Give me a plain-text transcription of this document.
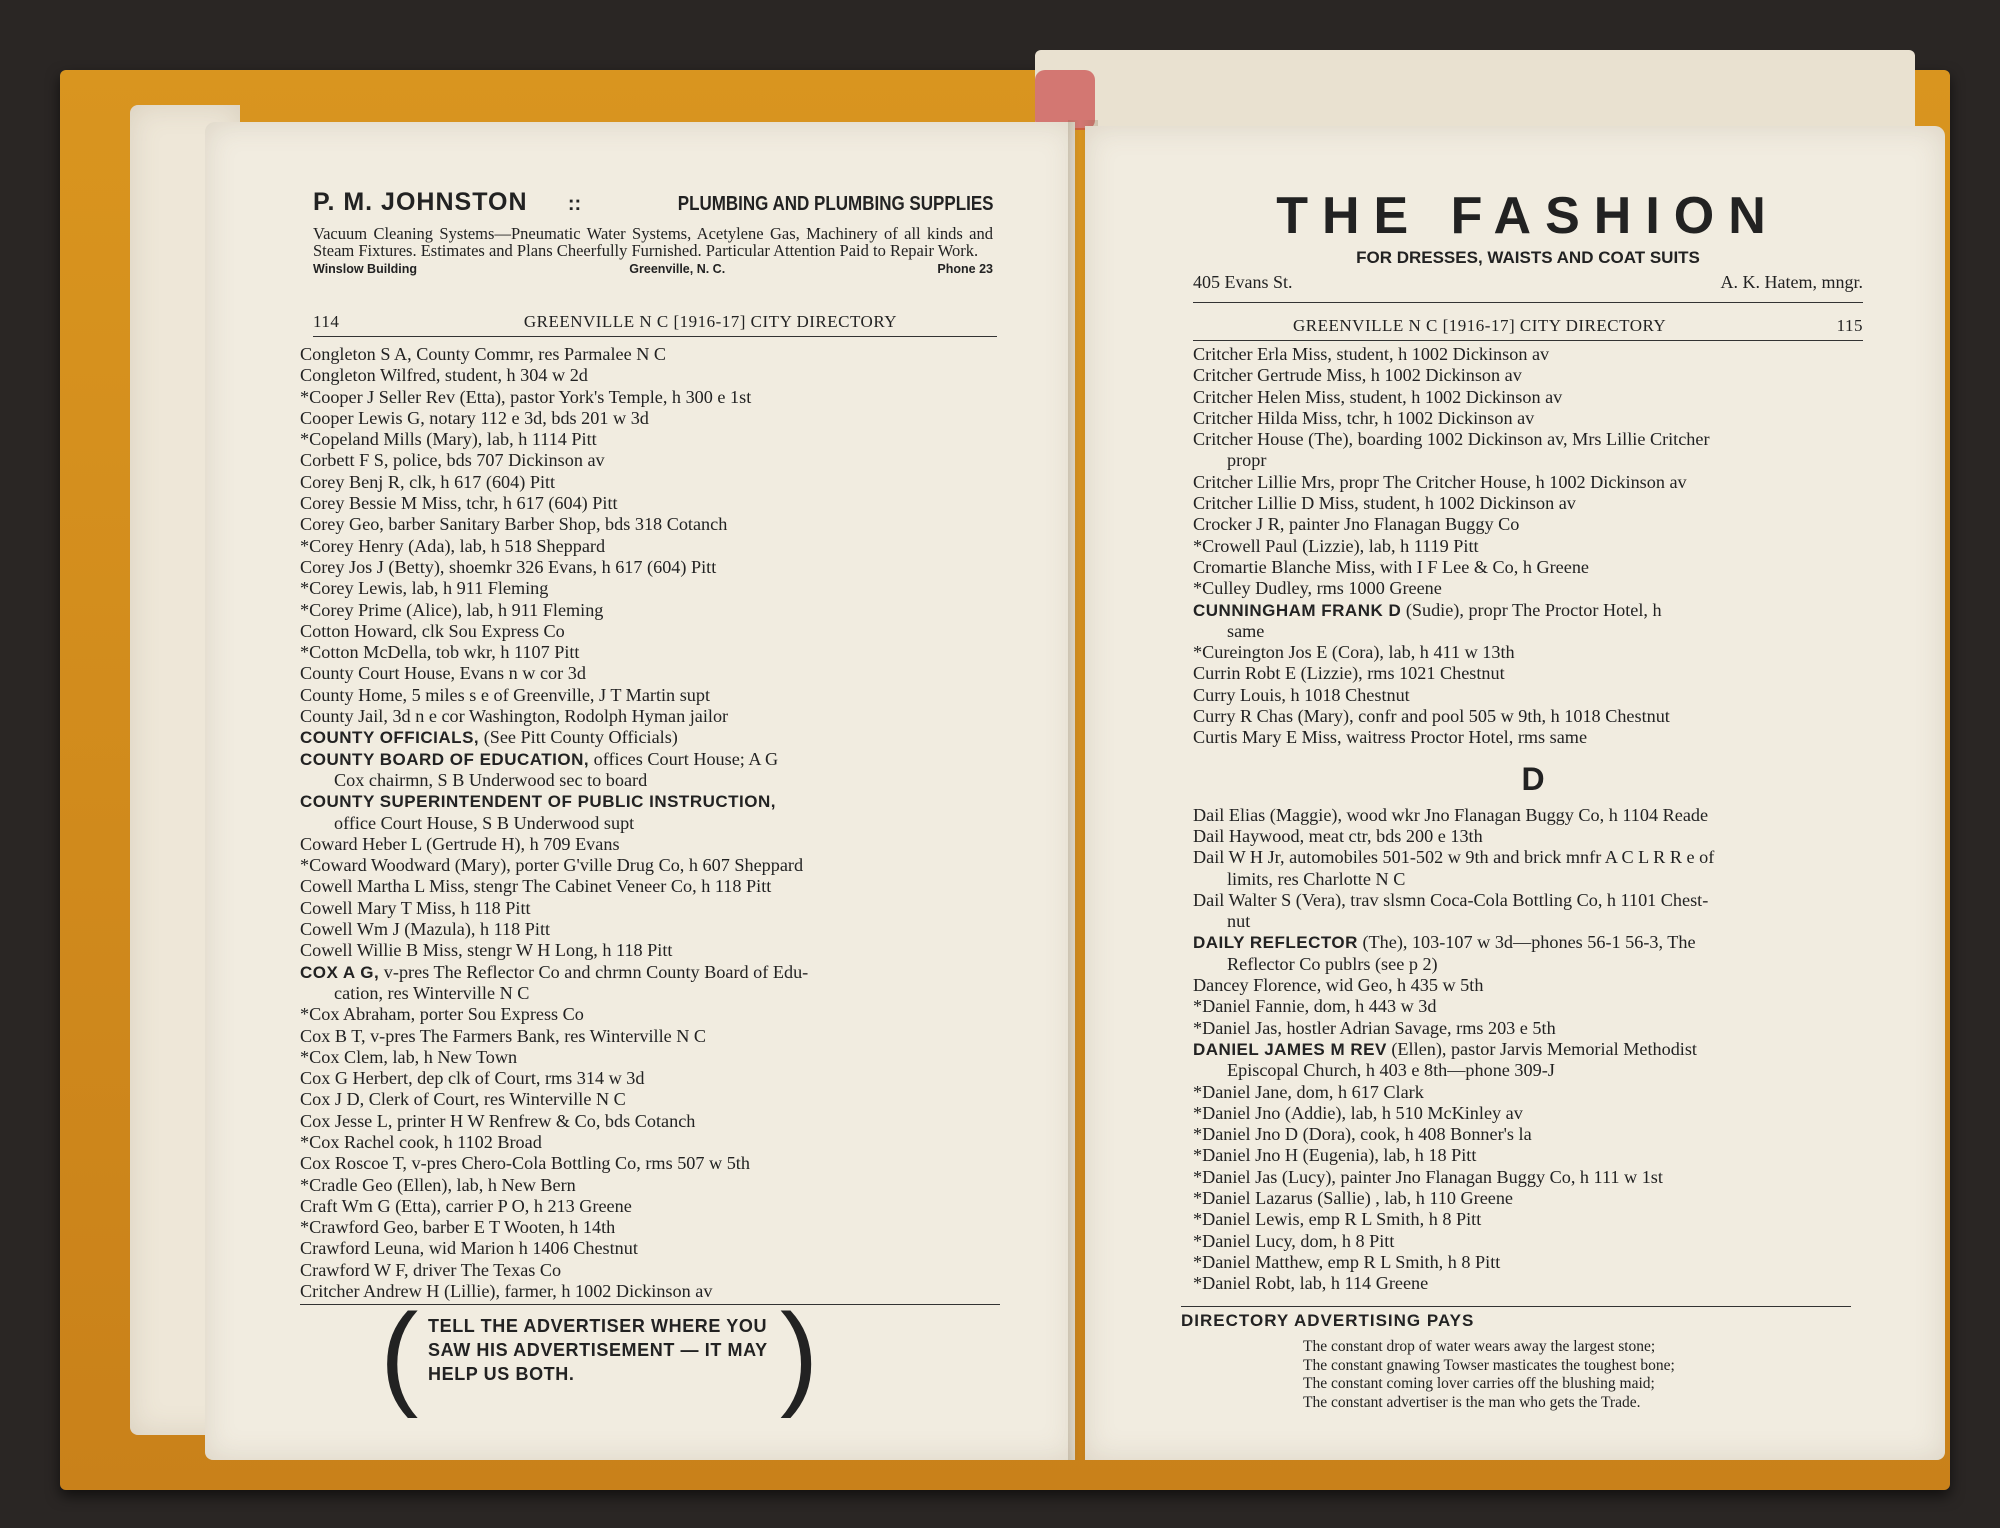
P. M. JOHNSTON ::	PLUMBING AND PLUMBING SUPPLIES
Vacuum Cleaning Systems—Pneumatic Water Systems, Acetylene Gas, Machinery of all kinds and Steam Fixtures. Estimates and Plans Cheerfully Furnished. Particular Attention Paid to Repair Work.
Winslow Building	Greenville, N. C.	Phone 23
114	GREENVILLE N C [1916-17] CITY DIRECTORY
Congleton S A, County Commr, res Parmalee N C
Congleton Wilfred, student, h 304 w 2d
*Cooper J Seller Rev (Etta), pastor York's Temple, h 300 e 1st
Cooper Lewis G, notary 112 e 3d, bds 201 w 3d
*Copeland Mills (Mary), lab, h 1114 Pitt
Corbett F S, police, bds 707 Dickinson av
Corey Benj R, clk, h 617 (604) Pitt
Corey Bessie M Miss, tchr, h 617 (604) Pitt
Corey Geo, barber Sanitary Barber Shop, bds 318 Cotanch
*Corey Henry (Ada), lab, h 518 Sheppard
Corey Jos J (Betty), shoemkr 326 Evans, h 617 (604) Pitt
*Corey Lewis, lab, h 911 Fleming
*Corey Prime (Alice), lab, h 911 Fleming
Cotton Howard, clk Sou Express Co
*Cotton McDella, tob wkr, h 1107 Pitt
County Court House, Evans n w cor 3d
County Home, 5 miles s e of Greenville, J T Martin supt
County Jail, 3d n e cor Washington, Rodolph Hyman jailor
COUNTY OFFICIALS, (See Pitt County Officials)
COUNTY BOARD OF EDUCATION, offices Court House; A G
Cox chairmn, S B Underwood sec to board
COUNTY SUPERINTENDENT OF PUBLIC INSTRUCTION,
office Court House, S B Underwood supt
Coward Heber L (Gertrude H), h 709 Evans
*Coward Woodward (Mary), porter G'ville Drug Co, h 607 Sheppard
Cowell Martha L Miss, stengr The Cabinet Veneer Co, h 118 Pitt
Cowell Mary T Miss, h 118 Pitt
Cowell Wm J (Mazula), h 118 Pitt
Cowell Willie B Miss, stengr W H Long, h 118 Pitt
COX A G, v-pres The Reflector Co and chrmn County Board of Edu-
cation, res Winterville N C
*Cox Abraham, porter Sou Express Co
Cox B T, v-pres The Farmers Bank, res Winterville N C
*Cox Clem, lab, h New Town
Cox G Herbert, dep clk of Court, rms 314 w 3d
Cox J D, Clerk of Court, res Winterville N C
Cox Jesse L, printer H W Renfrew & Co, bds Cotanch
*Cox Rachel cook, h 1102 Broad
Cox Roscoe T, v-pres Chero-Cola Bottling Co, rms 507 w 5th
*Cradle Geo (Ellen), lab, h New Bern
Craft Wm G (Etta), carrier P O, h 213 Greene
*Crawford Geo, barber E T Wooten, h 14th
Crawford Leuna, wid Marion h 1406 Chestnut
Crawford W F, driver The Texas Co
Critcher Andrew H (Lillie), farmer, h 1002 Dickinson av
( TELL THE ADVERTISER WHERE YOU SAW HIS ADVERTISEMENT — IT MAY HELP US BOTH.	)
THE FASHION
FOR DRESSES, WAISTS AND COAT SUITS
405 Evans St.	A. K. Hatem, mngr.
GREENVILLE N C [1916-17] CITY DIRECTORY	115
Critcher Erla Miss, student, h 1002 Dickinson av
Critcher Gertrude Miss, h 1002 Dickinson av
Critcher Helen Miss, student, h 1002 Dickinson av
Critcher Hilda Miss, tchr, h 1002 Dickinson av
Critcher House (The), boarding 1002 Dickinson av, Mrs Lillie Critcher
propr
Critcher Lillie Mrs, propr The Critcher House, h 1002 Dickinson av
Critcher Lillie D Miss, student, h 1002 Dickinson av
Crocker J R, painter Jno Flanagan Buggy Co
*Crowell Paul (Lizzie), lab, h 1119 Pitt
Cromartie Blanche Miss, with I F Lee & Co, h Greene
*Culley Dudley, rms 1000 Greene
CUNNINGHAM FRANK D (Sudie), propr The Proctor Hotel, h
same
*Cureington Jos E (Cora), lab, h 411 w 13th
Currin Robt E (Lizzie), rms 1021 Chestnut
Curry Louis, h 1018 Chestnut
Curry R Chas (Mary), confr and pool 505 w 9th, h 1018 Chestnut
Curtis Mary E Miss, waitress Proctor Hotel, rms same
D
Dail Elias (Maggie), wood wkr Jno Flanagan Buggy Co, h 1104 Reade
Dail Haywood, meat ctr, bds 200 e 13th
Dail W H Jr, automobiles 501-502 w 9th and brick mnfr A C L R R e of
limits, res Charlotte N C
Dail Walter S (Vera), trav slsmn Coca-Cola Bottling Co, h 1101 Chest-
nut
DAILY REFLECTOR (The), 103-107 w 3d—phones 56-1 56-3, The
Reflector Co publrs (see p 2)
Dancey Florence, wid Geo, h 435 w 5th
*Daniel Fannie, dom, h 443 w 3d
*Daniel Jas, hostler Adrian Savage, rms 203 e 5th
DANIEL JAMES M REV (Ellen), pastor Jarvis Memorial Methodist
Episcopal Church, h 403 e 8th—phone 309-J
*Daniel Jane, dom, h 617 Clark
*Daniel Jno (Addie), lab, h 510 McKinley av
*Daniel Jno D (Dora), cook, h 408 Bonner's la
*Daniel Jno H (Eugenia), lab, h 18 Pitt
*Daniel Jas (Lucy), painter Jno Flanagan Buggy Co, h 111 w 1st
*Daniel Lazarus (Sallie) , lab, h 110 Greene
*Daniel Lewis, emp R L Smith, h 8 Pitt
*Daniel Lucy, dom, h 8 Pitt
*Daniel Matthew, emp R L Smith, h 8 Pitt
*Daniel Robt, lab, h 114 Greene
DIRECTORY ADVERTISING PAYS
The constant drop of water wears away the largest stone;
The constant gnawing Towser masticates the toughest bone;
The constant coming lover carries off the blushing maid;
The constant advertiser is the man who gets the Trade.
